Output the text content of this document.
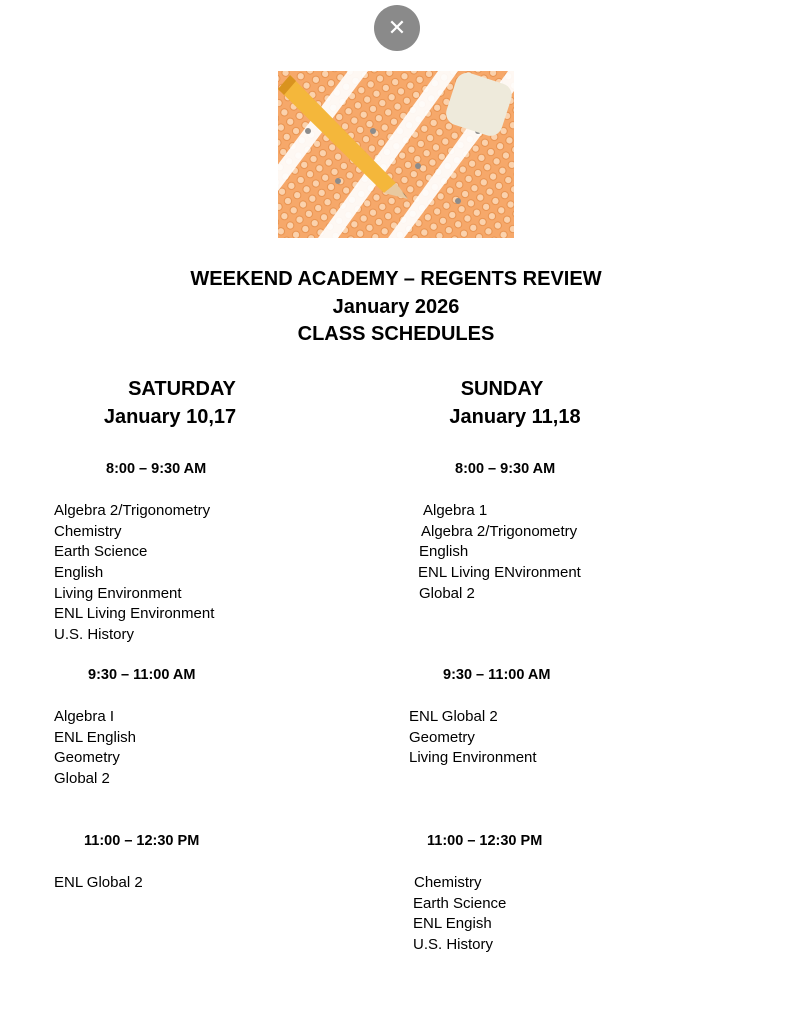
✕
WEEKEND ACADEMY – REGENTS REVIEW
January 2026
CLASS SCHEDULES
SATURDAY
January 10,17
8:00 – 9:30 AM
Algebra 2/Trigonometry
Chemistry
Earth Science
English
Living Environment
ENL Living Environment
U.S. History
9:30 – 11:00 AM
Algebra I
ENL English
Geometry
Global 2
11:00 – 12:30 PM
ENL Global 2
SUNDAY
January 11,18
8:00 – 9:30 AM
Algebra 1
Algebra 2/Trigonometry
English
ENL Living ENvironment
Global 2
9:30 – 11:00 AM
ENL Global 2
Geometry
Living Environment
11:00 – 12:30 PM
Chemistry
Earth Science
ENL Engish
U.S. History
